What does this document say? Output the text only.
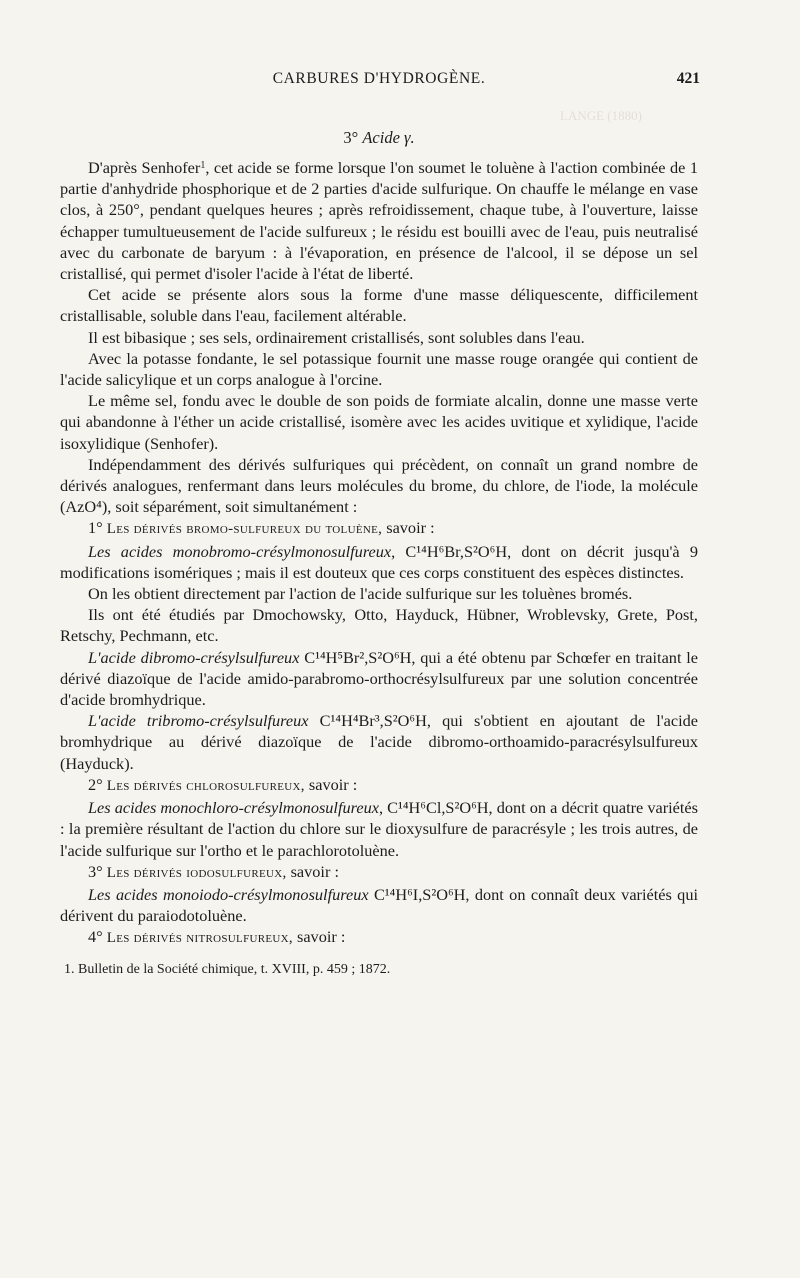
LANGE (1880)
CARBURES D'HYDROGÈNE.	421
3° Acide γ.

D'après Senhofer$^1$, cet acide se forme lorsque l'on soumet le toluène à l'action combinée de 1 partie d'anhydride phosphorique et de 2 parties d'acide sulfurique. On chauffe le mélange en vase clos, à 250°, pendant quelques heures ; après refroidissement, chaque tube, à l'ouverture, laisse échapper tumultueusement de l'acide sulfureux ; le résidu est bouilli avec de l'eau, puis neutralisé avec du carbonate de baryum : à l'évaporation, en présence de l'alcool, il se dépose un sel cristallisé, qui permet d'isoler l'acide à l'état de liberté.

Cet acide se présente alors sous la forme d'une masse déliquescente, difficilement cristallisable, soluble dans l'eau, facilement altérable.

Il est bibasique ; ses sels, ordinairement cristallisés, sont solubles dans l'eau.

Avec la potasse fondante, le sel potassique fournit une masse rouge orangée qui contient de l'acide salicylique et un corps analogue à l'orcine.

Le même sel, fondu avec le double de son poids de formiate alcalin, donne une masse verte qui abandonne à l'éther un acide cristallisé, isomère avec les acides uvitique et xylidique, l'acide isoxylidique (Senhofer).

Indépendamment des dérivés sulfuriques qui précèdent, on connaît un grand nombre de dérivés analogues, renfermant dans leurs molécules du brome, du chlore, de l'iode, la molécule (AzO⁴), soit séparément, soit simultanément :

1° Les dérivés bromo-sulfureux du toluène, savoir :

Les acides monobromo-crésylmonosulfureux, C¹⁴H⁶Br,S²O⁶H, dont on décrit jusqu'à 9 modifications isomériques ; mais il est douteux que ces corps constituent des espèces distinctes.

On les obtient directement par l'action de l'acide sulfurique sur les toluènes bromés.

Ils ont été étudiés par Dmochowsky, Otto, Hayduck, Hübner, Wroblevsky, Grete, Post, Retschy, Pechmann, etc.

L'acide dibromo-crésylsulfureux C¹⁴H⁵Br²,S²O⁶H, qui a été obtenu par Schœfer en traitant le dérivé diazoïque de l'acide amido-parabromo-orthocrésylsulfureux par une solution concentrée d'acide bromhydrique.

L'acide tribromo-crésylsulfureux C¹⁴H⁴Br³,S²O⁶H, qui s'obtient en ajoutant de l'acide bromhydrique au dérivé diazoïque de l'acide dibromo-orthoamido-paracrésylsulfureux (Hayduck).

2° Les dérivés chlorosulfureux, savoir :

Les acides monochloro-crésylmonosulfureux, C¹⁴H⁶Cl,S²O⁶H, dont on a décrit quatre variétés : la première résultant de l'action du chlore sur le dioxysulfure de paracrésyle ; les trois autres, de l'acide sulfurique sur l'ortho et le parachlorotoluène.

3° Les dérivés iodosulfureux, savoir :

Les acides monoiodo-crésylmonosulfureux C¹⁴H⁶I,S²O⁶H, dont on connaît deux variétés qui dérivent du paraiodotoluène.

4° Les dérivés nitrosulfureux, savoir :

1. Bulletin de la Société chimique, t. XVIII, p. 459 ; 1872.
